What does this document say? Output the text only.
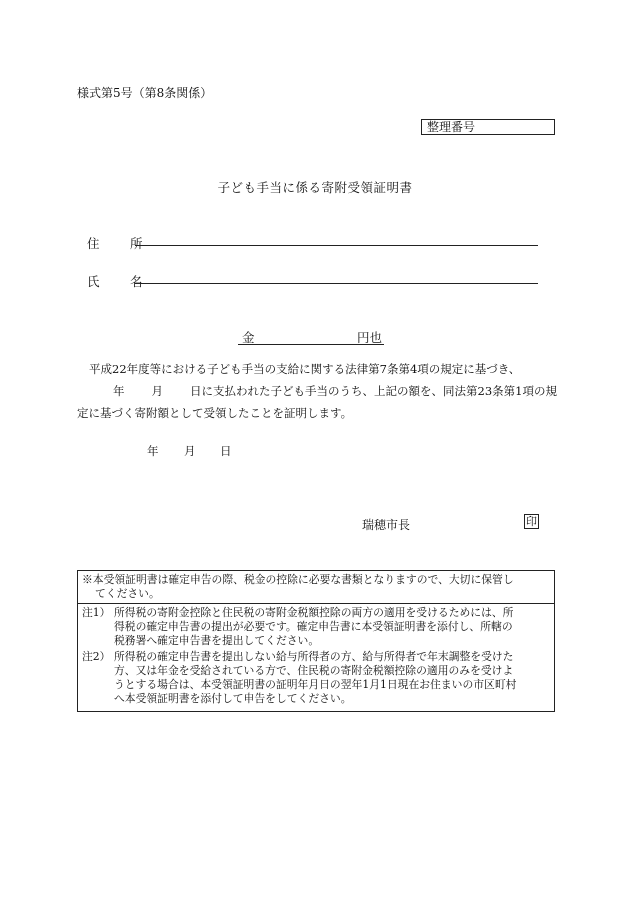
様式第5号（第8条関係）
整理番号
子ども手当に係る寄附受領証明書
住　所
氏　名
金	円也
平成22年度等における子ども手当の支給に関する法律第7条第4項の規定に基づき、
年 月 日に支払われた子ども手当のうち、上記の額を、同法第23条第1項の規
定に基づく寄附額として受領したことを証明します。
年 月 日
瑞穂市長	印
※本受領証明書は確定申告の際、税金の控除に必要な書類となりますので、大切に保管し
てください。
注1） 所得税の寄附金控除と住民税の寄附金税額控除の両方の適用を受けるためには、所
得税の確定申告書の提出が必要です。確定申告書に本受領証明書を添付し、所轄の
税務署へ確定申告書を提出してください。
注2） 所得税の確定申告書を提出しない給与所得者の方、給与所得者で年末調整を受けた
方、又は年金を受給されている方で、住民税の寄附金税額控除の適用のみを受けよ
うとする場合は、本受領証明書の証明年月日の翌年1月1日現在お住まいの市区町村
へ本受領証明書を添付して申告をしてください。
